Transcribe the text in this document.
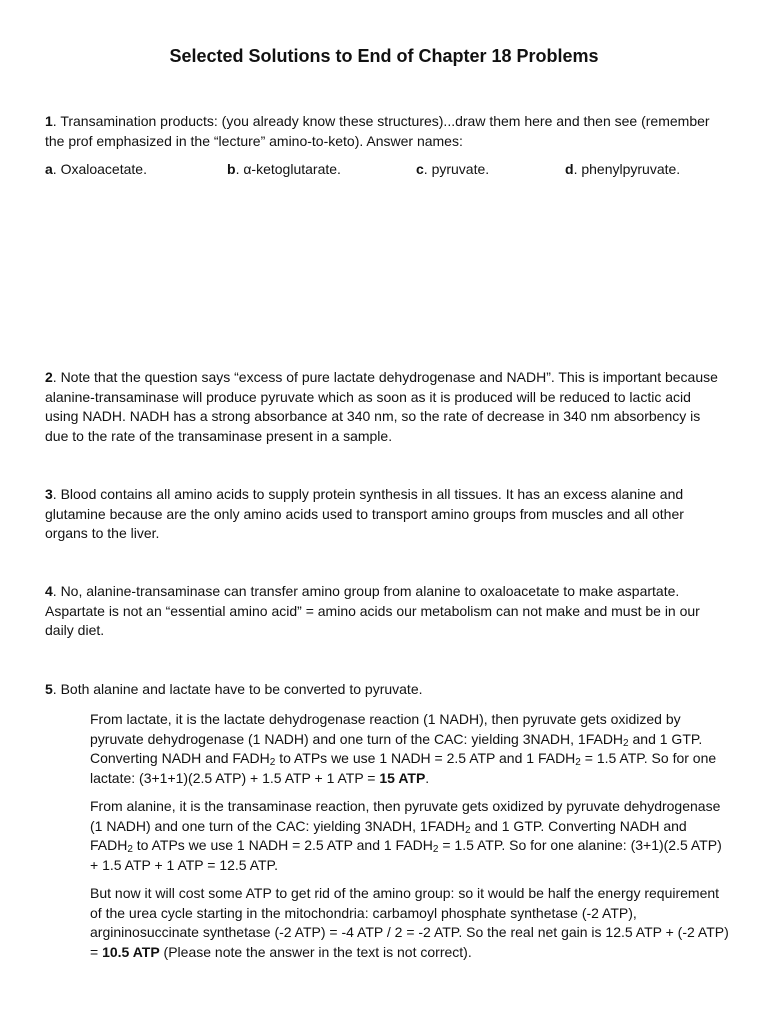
Selected Solutions to End of Chapter 18 Problems
1. Transamination products: (you already know these structures)...draw them here and then see (remember the prof emphasized in the “lecture” amino-to-keto). Answer names:
a. Oxaloacetate.	b. α-ketoglutarate.	c. pyruvate.	d. phenylpyruvate.
2. Note that the question says “excess of pure lactate dehydrogenase and NADH”. This is important because alanine-transaminase will produce pyruvate which as soon as it is produced will be reduced to lactic acid using NADH. NADH has a strong absorbance at 340 nm, so the rate of decrease in 340 nm absorbency is due to the rate of the transaminase present in a sample.
3. Blood contains all amino acids to supply protein synthesis in all tissues. It has an excess alanine and glutamine because are the only amino acids used to transport amino groups from muscles and all other organs to the liver.
4. No, alanine-transaminase can transfer amino group from alanine to oxaloacetate to make aspartate. Aspartate is not an “essential amino acid” = amino acids our metabolism can not make and must be in our daily diet.
5. Both alanine and lactate have to be converted to pyruvate.
From lactate, it is the lactate dehydrogenase reaction (1 NADH), then pyruvate gets oxidized by pyruvate dehydrogenase (1 NADH) and one turn of the CAC: yielding 3NADH, $1FADH_2$ and 1 GTP. Converting NADH and $FADH_2$ to ATPs we use 1 NADH = 2.5 ATP and 1 $FADH_2 = 1.5$ ATP. So for one lactate: (3+1+1)(2.5 ATP) + 1.5 ATP + 1 ATP = 15 ATP.
From alanine, it is the transaminase reaction, then pyruvate gets oxidized by pyruvate dehydrogenase (1 NADH) and one turn of the CAC: yielding 3NADH, $1FADH_2$ and 1 GTP. Converting NADH and $FADH_2$ to ATPs we use 1 NADH = 2.5 ATP and 1 $FADH_2 = 1.5$ ATP. So for one alanine: (3+1)(2.5 ATP) + 1.5 ATP + 1 ATP = 12.5 ATP.
But now it will cost some ATP to get rid of the amino group: so it would be half the energy requirement of the urea cycle starting in the mitochondria: carbamoyl phosphate synthetase (-2 ATP), argininosuccinate synthetase (-2 ATP) = -4 ATP / 2 = -2 ATP. So the real net gain is 12.5 ATP + (-2 ATP) = 10.5 ATP (Please note the answer in the text is not correct).
